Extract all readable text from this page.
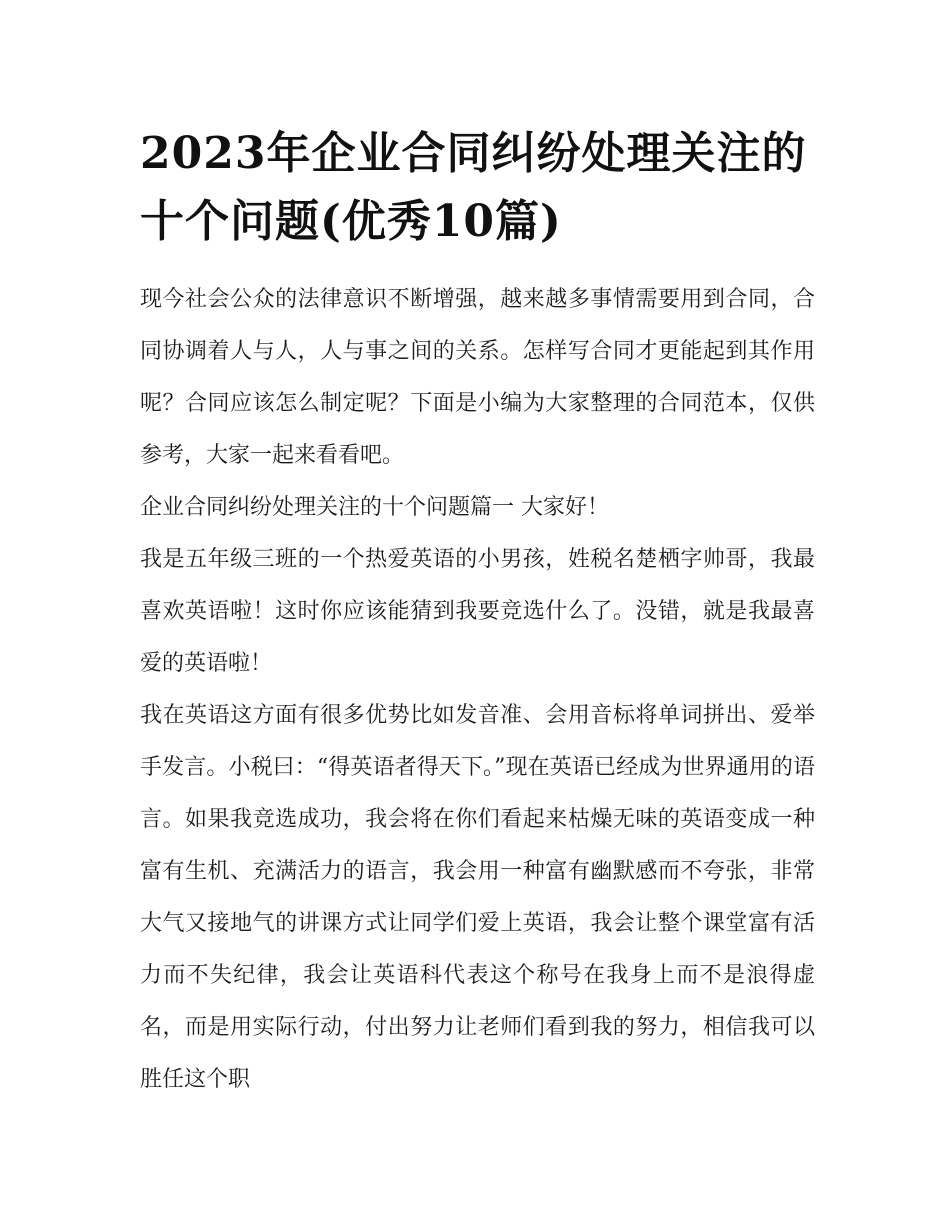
2023年企业合同纠纷处理关注的十个问题(优秀10篇)

现今社会公众的法律意识不断增强，越来越多事情需要用到合同，合同协调着人与人，人与事之间的关系。怎样写合同才更能起到其作用呢？合同应该怎么制定呢？下面是小编为大家整理的合同范本，仅供参考，大家一起来看看吧。

企业合同纠纷处理关注的十个问题篇一 大家好！

我是五年级三班的一个热爱英语的小男孩，姓税名楚栖字帅哥，我最喜欢英语啦！这时你应该能猜到我要竞选什么了。没错，就是我最喜爱的英语啦！

我在英语这方面有很多优势比如发音准、会用音标将单词拼出、爱举手发言。小税曰：“得英语者得天下。”现在英语已经成为世界通用的语言。如果我竞选成功，我会将在你们看起来枯燥无味的英语变成一种富有生机、充满活力的语言，我会用一种富有幽默感而不夸张，非常大气又接地气的讲课方式让同学们爱上英语，我会让整个课堂富有活力而不失纪律，我会让英语科代表这个称号在我身上而不是浪得虚名，而是用实际行动，付出努力让老师们看到我的努力，相信我可以胜任这个职
